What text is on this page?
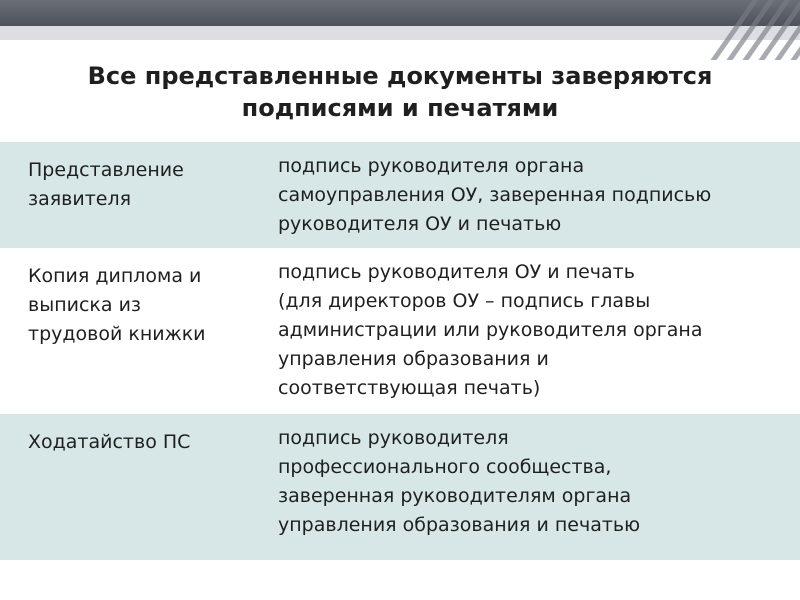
Все представленные документы заверяются
подписями и печатями
Представление
заявителя
подпись руководителя органа
самоуправления ОУ, заверенная подписью
руководителя ОУ и печатью
Копия диплома и
выписка из
трудовой книжки
подпись руководителя ОУ и печать
(для директоров ОУ – подпись главы
администрации или руководителя органа
управления образования и
соответствующая печать)
Ходатайство ПС	подпись руководителя
профессионального сообщества,
заверенная руководителям органа
управления образования и печатью
